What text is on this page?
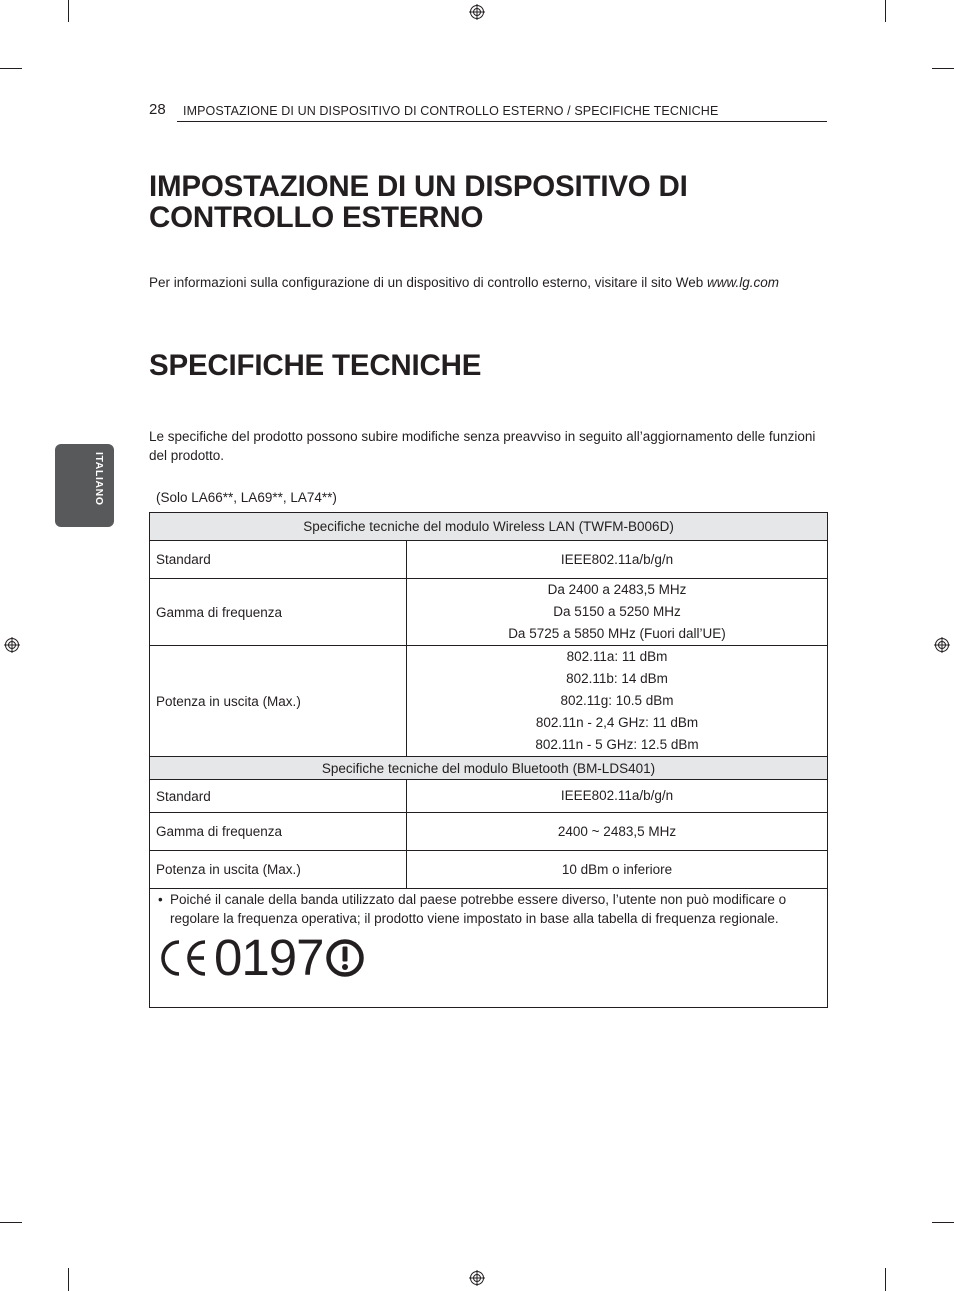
28 IMPOSTAZIONE DI UN DISPOSITIVO DI CONTROLLO ESTERNO / SPECIFICHE TECNICHE
ITALIANO
IMPOSTAZIONE DI UN DISPOSITIVO DI CONTROLLO ESTERNO
Per informazioni sulla configurazione di un dispositivo di controllo esterno, visitare il sito Web www.lg.com
SPECIFICHE TECNICHE
Le specifiche del prodotto possono subire modifiche senza preavviso in seguito all’aggiornamento delle funzioni del prodotto.
(Solo LA66**, LA69**, LA74**)
Specifiche tecniche del modulo Wireless LAN (TWFM-B006D)	
Standard	IEEE802.11a/b/g/n
Gamma di frequenza	Da 2400 a 2483,5 MHz
Da 5150 a 5250 MHz
Da 5725 a 5850 MHz (Fuori dall’UE)

Potenza in uscita (Max.)	802.11a: 11 dBm
802.11b: 14 dBm
802.11g: 10.5 dBm
802.11n - 2,4 GHz: 11 dBm
802.11n - 5 GHz: 12.5 dBm

Specifiche tecniche del modulo Bluetooth (BM-LDS401)	
Standard	IEEE802.11a/b/g/n
Gamma di frequenza	2400 ~ 2483,5 MHz
Potenza in uscita (Max.)	10 dBm o inferiore

• Poiché il canale della banda utilizzato dal paese potrebbe essere diverso, l’utente non può modificare o regolare la frequenza operativa; il prodotto viene impostato in base alla tabella di frequenza regionale.
0197	
